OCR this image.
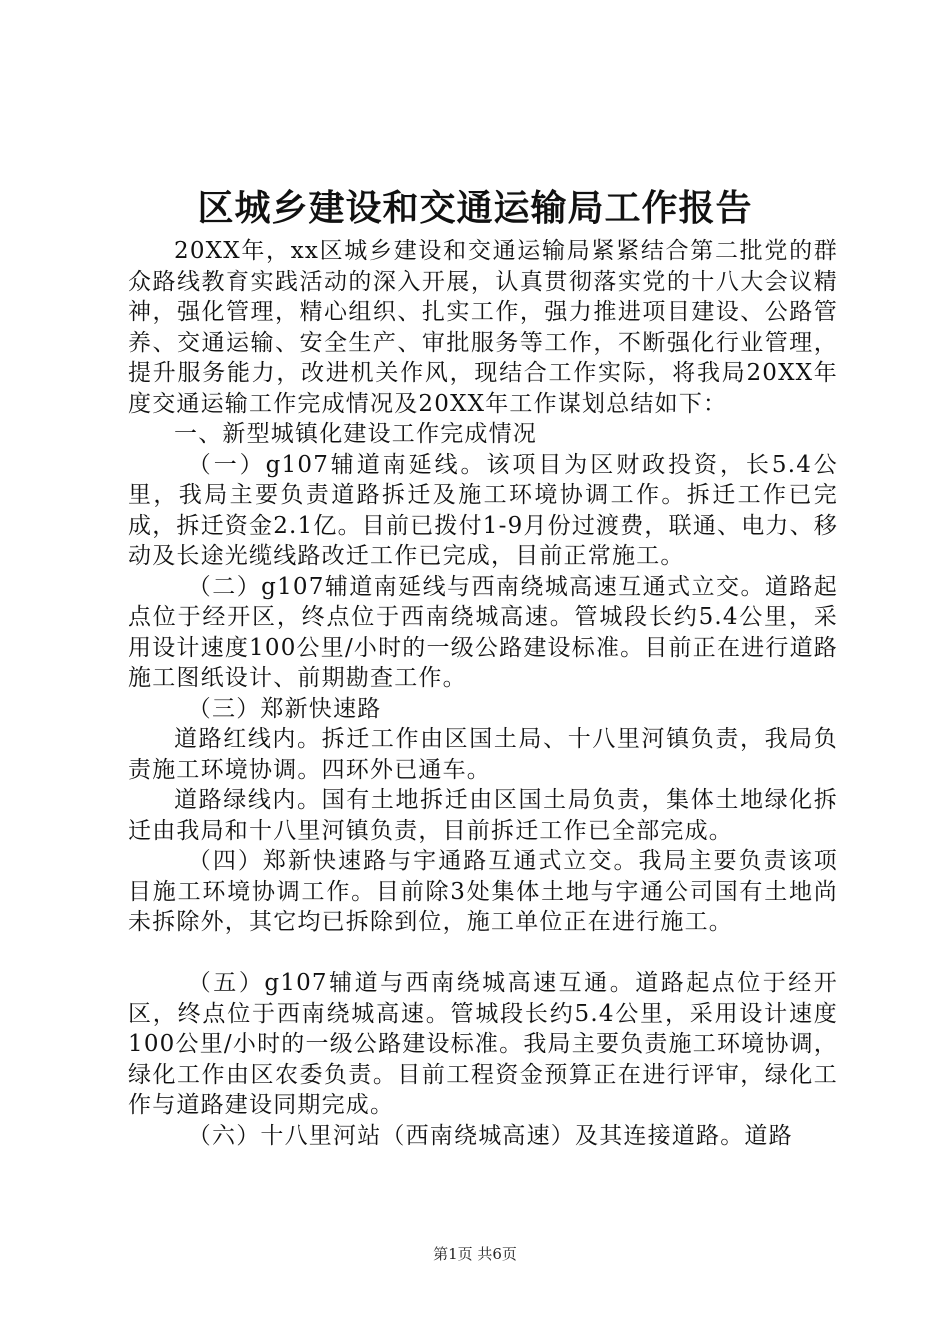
区城乡建设和交通运输局工作报告

20XX年，xx区城乡建设和交通运输局紧紧结合第二批党的群众路线教育实践活动的深入开展，认真贯彻落实党的十八大会议精神，强化管理，精心组织、扎实工作，强力推进项目建设、公路管养、交通运输、安全生产、审批服务等工作，不断强化行业管理，提升服务能力，改进机关作风，现结合工作实际，将我局20XX年度交通运输工作完成情况及20XX年工作谋划总结如下：

一、新型城镇化建设工作完成情况

（一）g107辅道南延线。该项目为区财政投资，长5.4公里，我局主要负责道路拆迁及施工环境协调工作。拆迁工作已完成，拆迁资金2.1亿。目前已拨付1-9月份过渡费，联通、电力、移动及长途光缆线路改迁工作已完成，目前正常施工。

（二）g107辅道南延线与西南绕城高速互通式立交。道路起点位于经开区，终点位于西南绕城高速。管城段长约5.4公里，采用设计速度100公里/小时的一级公路建设标准。目前正在进行道路施工图纸设计、前期勘查工作。

（三）郑新快速路

道路红线内。拆迁工作由区国土局、十八里河镇负责，我局负责施工环境协调。四环外已通车。

道路绿线内。国有土地拆迁由区国土局负责，集体土地绿化拆迁由我局和十八里河镇负责，目前拆迁工作已全部完成。

（四）郑新快速路与宇通路互通式立交。我局主要负责该项目施工环境协调工作。目前除3处集体土地与宇通公司国有土地尚未拆除外，其它均已拆除到位，施工单位正在进行施工。

（五）g107辅道与西南绕城高速互通。道路起点位于经开区，终点位于西南绕城高速。管城段长约5.4公里，采用设计速度100公里/小时的一级公路建设标准。我局主要负责施工环境协调，绿化工作由区农委负责。目前工程资金预算正在进行评审，绿化工作与道路建设同期完成。

（六）十八里河站（西南绕城高速）及其连接道路。道路

第1页 共6页
